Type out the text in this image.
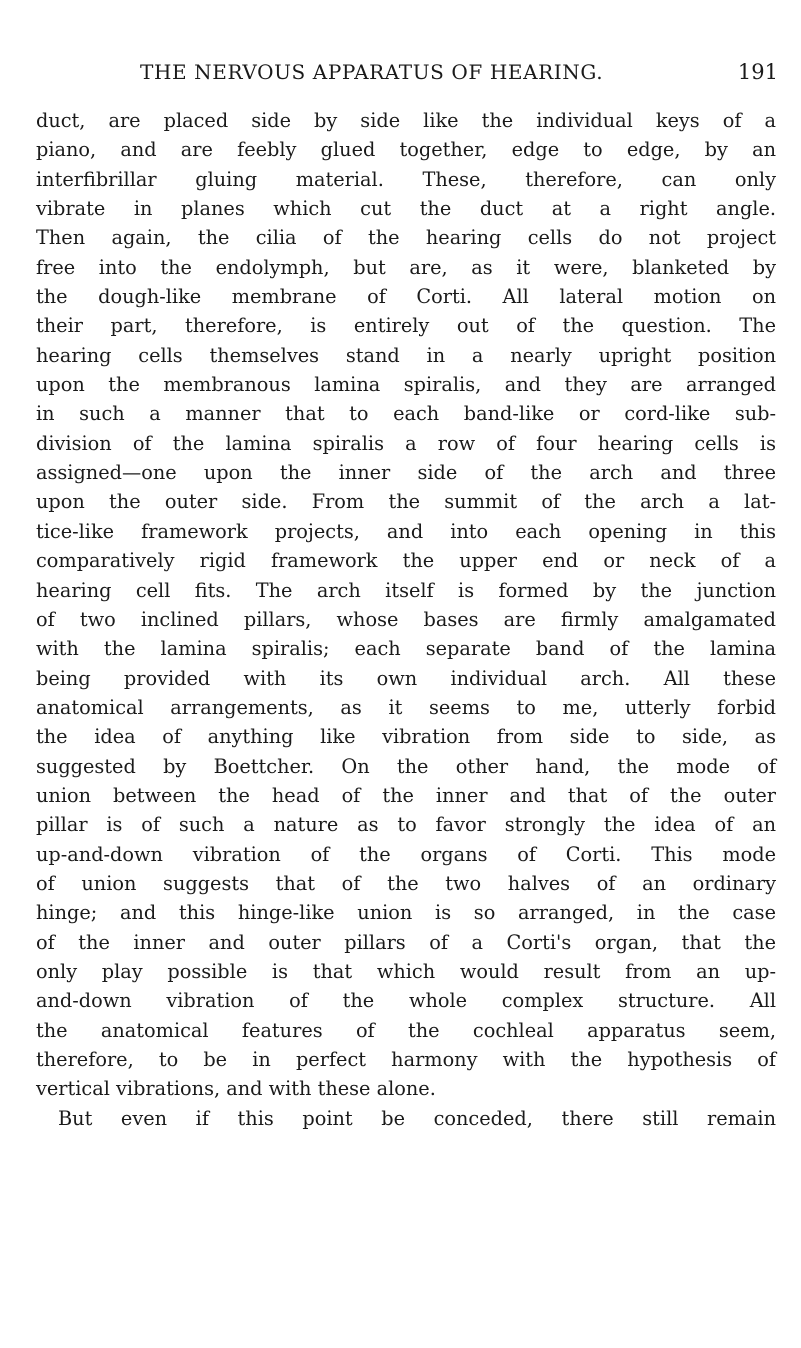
THE NERVOUS APPARATUS OF HEARING.	191
duct, are placed side by side like the individual keys of a
piano, and are feebly glued together, edge to edge, by an
interfibrillar gluing material. These, therefore, can only
vibrate in planes which cut the duct at a right angle.
Then again, the cilia of the hearing cells do not project
free into the endolymph, but are, as it were, blanketed by
the dough-like membrane of Corti. All lateral motion on
their part, therefore, is entirely out of the question. The
hearing cells themselves stand in a nearly upright position
upon the membranous lamina spiralis, and they are arranged
in such a manner that to each band-like or cord-like sub-
division of the lamina spiralis a row of four hearing cells is
assigned—one upon the inner side of the arch and three
upon the outer side. From the summit of the arch a lat-
tice-like framework projects, and into each opening in this
comparatively rigid framework the upper end or neck of a
hearing cell fits. The arch itself is formed by the junction
of two inclined pillars, whose bases are firmly amalgamated
with the lamina spiralis; each separate band of the lamina
being provided with its own individual arch. All these
anatomical arrangements, as it seems to me, utterly forbid
the idea of anything like vibration from side to side, as
suggested by Boettcher. On the other hand, the mode of
union between the head of the inner and that of the outer
pillar is of such a nature as to favor strongly the idea of an
up-and-down vibration of the organs of Corti. This mode
of union suggests that of the two halves of an ordinary
hinge; and this hinge-like union is so arranged, in the case
of the inner and outer pillars of a Corti's organ, that the
only play possible is that which would result from an up-
and-down vibration of the whole complex structure. All
the anatomical features of the cochleal apparatus seem,
therefore, to be in perfect harmony with the hypothesis of
vertical vibrations, and with these alone.
But even if this point be conceded, there still remain
